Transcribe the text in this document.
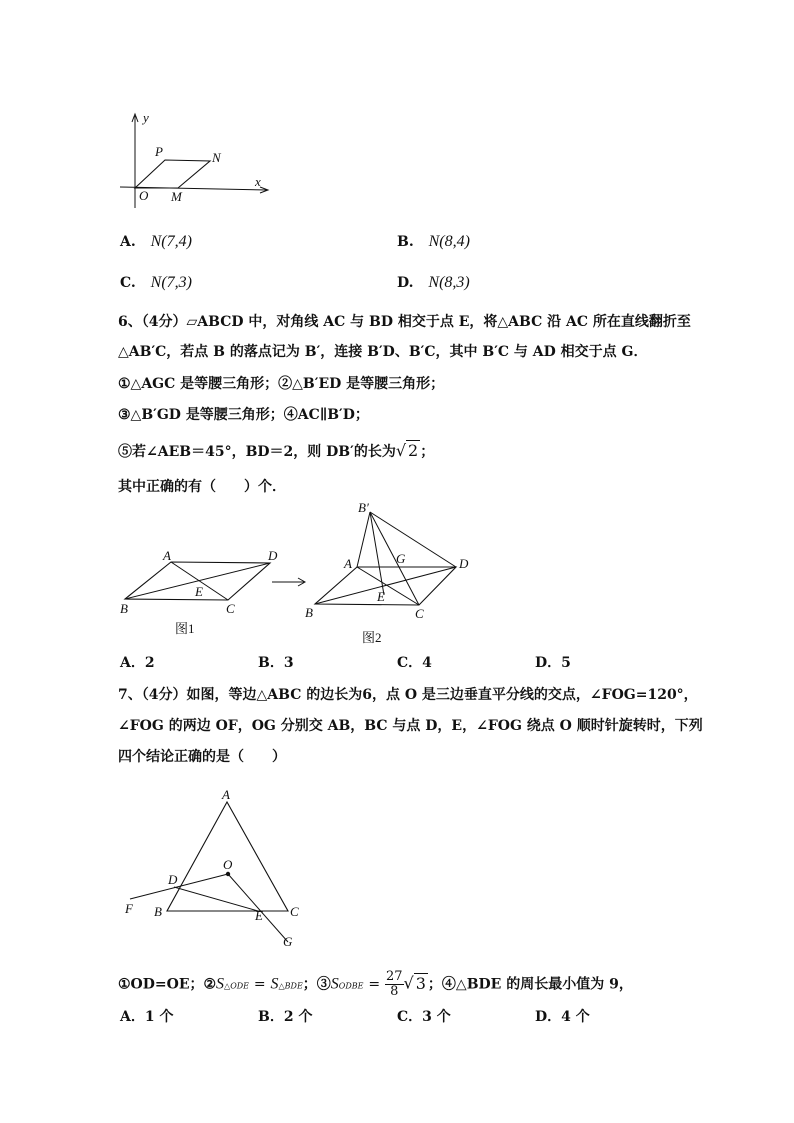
y
x
O
P	N
M
A. N(7,4)	B. N(8,4)
C. N(7,3)	D. N(8,3)
6、（4分）▱ABCD 中，对角线 AC 与 BD 相交于点 E，将△ABC 沿 AC 所在直线翻折至
△AB′C，若点 B 的落点记为 B′，连接 B′D、B′C，其中 B′C 与 AD 相交于点 G．
①△AGC 是等腰三角形；②△B′ED 是等腰三角形；
③△B′GD 是等腰三角形；④AC∥B′D；
⑤若∠AEB＝45°，BD＝2，则 DB′的长为√ 2 ；
其中正确的有（　　）个．
A	D
B	C
E
图1
B′
A	G	D
E
B	C
图2
A．2	B．3	C．4	D．5
7、（4分）如图，等边△ABC 的边长为6，点 O 是三边垂直平分线的交点，∠FOG=120°，
∠FOG 的两边 OF，OG 分别交 AB，BC 与点 D，E，∠FOG 绕点 O 顺时针旋转时，下列
四个结论正确的是（　　）
A
O
D
F B	E C
G
①OD=OE；②S△ODE = S△BDE；③SODBE = $\frac{27}{8}$ √ 3 ；④△BDE 的周长最小值为 9，
A．1 个	B．2 个	C．3 个	D．4 个
